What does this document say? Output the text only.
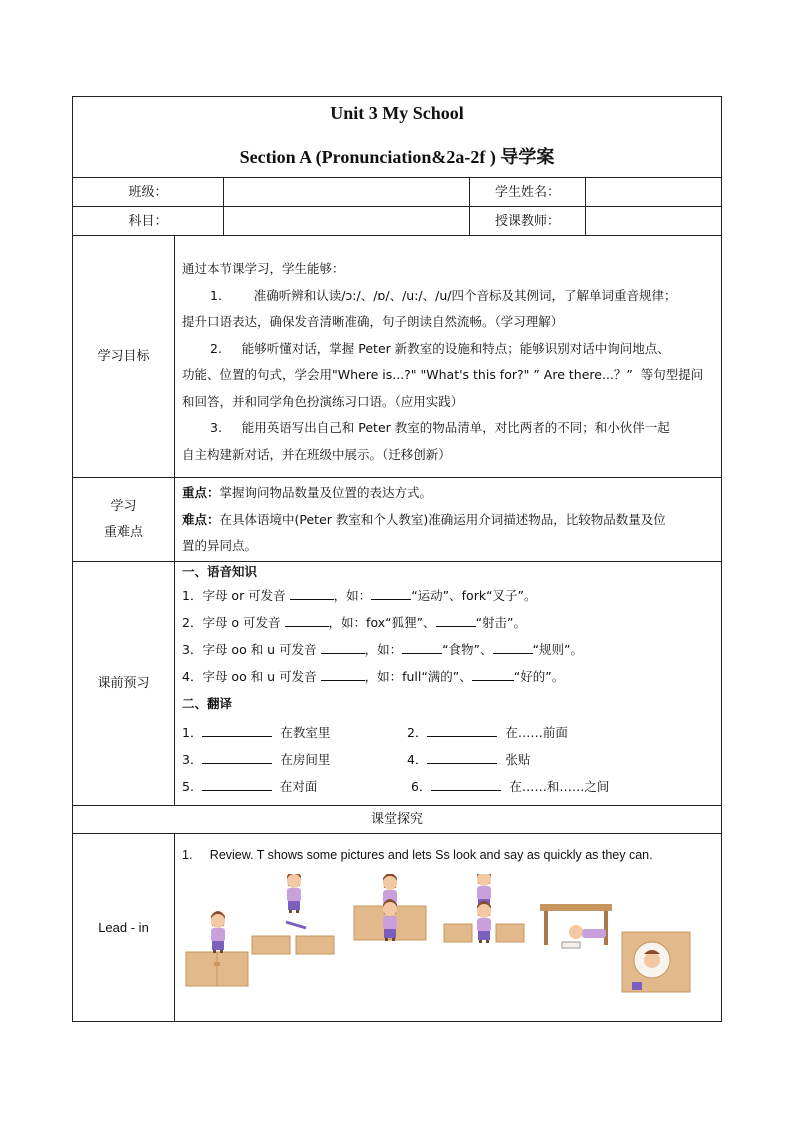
Unit 3 My School
Section A (Pronunciation&2a-2f ) 导学案
班级：	学生姓名：
科目：	授课教师：
学习目标
通过本节课学习，学生能够：
1.        准确听辨和认读/ɔ:/、/ɒ/、/u:/、/u/四个音标及其例词，了解单词重音规律；
提升口语表达，确保发音清晰准确，句子朗读自然流畅。（学习理解）
2.     能够听懂对话，掌握 Peter 新教室的设施和特点；能够识别对话中询问地点、
功能、位置的句式，学会用"Where is...?" "What's this for?" ” Are there...？”  等句型提问
和回答，并和同学角色扮演练习口语。（应用实践）
3.     能用英语写出自己和 Peter 教室的物品清单，对比两者的不同；和小伙伴一起
自主构建新对话，并在班级中展示。（迁移创新）
学习
重难点
重点：掌握询问物品数量及位置的表达方式。
难点：在具体语境中(Peter 教室和个人教室)准确运用介词描述物品，比较物品数量及位
置的异同点。
课前预习
一、语音知识
1．字母 or 可发音	，如：	“运动”、fork“叉子”。
2．字母 o 可发音	，如：fox“狐狸”、	“射击”。
3．字母 oo 和 u 可发音	，如：	“食物”、	“规则”。
4．字母 oo 和 u 可发音	，如：full“满的”、	“好的”。
二、翻译
1．	在教室里	2．	在……前面
3．	在房间里	4．	张贴
5.	在对面	6．	在……和……之间
课堂探究
Lead - in
1.     Review. T shows some pictures and lets Ss look and say as quickly as they can.
